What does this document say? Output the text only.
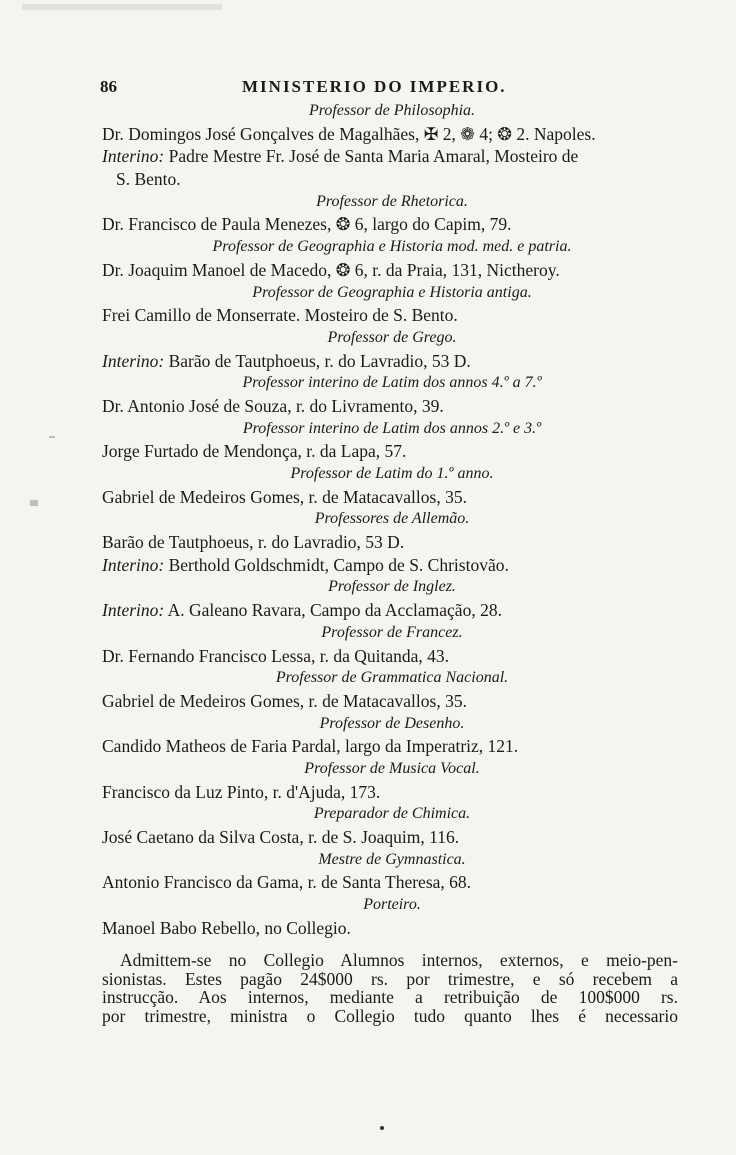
86	MINISTERIO DO IMPERIO.
Professor de Philosophia.
Dr. Domingos José Gonçalves de Magalhães, ✠ 2, ❁ 4; ❂ 2. Napoles.
Interino: Padre Mestre Fr. José de Santa Maria Amaral, Mosteiro de
S. Bento.
Professor de Rhetorica.
Dr. Francisco de Paula Menezes, ❂ 6, largo do Capim, 79.
Professor de Geographia e Historia mod. med. e patria.
Dr. Joaquim Manoel de Macedo, ❂ 6, r. da Praia, 131, Nictheroy.
Professor de Geographia e Historia antiga.
Frei Camillo de Monserrate. Mosteiro de S. Bento.
Professor de Grego.
Interino: Barão de Tautphoeus, r. do Lavradio, 53 D.
Professor interino de Latim dos annos 4.º a 7.º
Dr. Antonio José de Souza, r. do Livramento, 39.
Professor interino de Latim dos annos 2.º e 3.º
Jorge Furtado de Mendonça, r. da Lapa, 57.
Professor de Latim do 1.º anno.
Gabriel de Medeiros Gomes, r. de Matacavallos, 35.
Professores de Allemão.
Barão de Tautphoeus, r. do Lavradio, 53 D.
Interino: Berthold Goldschmidt, Campo de S. Christovão.
Professor de Inglez.
Interino: A. Galeano Ravara, Campo da Acclamação, 28.
Professor de Francez.
Dr. Fernando Francisco Lessa, r. da Quitanda, 43.
Professor de Grammatica Nacional.
Gabriel de Medeiros Gomes, r. de Matacavallos, 35.
Professor de Desenho.
Candido Matheos de Faria Pardal, largo da Imperatriz, 121.
Professor de Musica Vocal.
Francisco da Luz Pinto, r. d'Ajuda, 173.
Preparador de Chimica.
José Caetano da Silva Costa, r. de S. Joaquim, 116.
Mestre de Gymnastica.
Antonio Francisco da Gama, r. de Santa Theresa, 68.
Porteiro.
Manoel Babo Rebello, no Collegio.
Admittem-se no Collegio Alumnos internos, externos, e meio-pen-
sionistas. Estes pagão 24$000 rs. por trimestre, e só recebem a
instrucção. Aos internos, mediante a retribuição de 100$000 rs.
por trimestre, ministra o Collegio tudo quanto lhes é necessario
